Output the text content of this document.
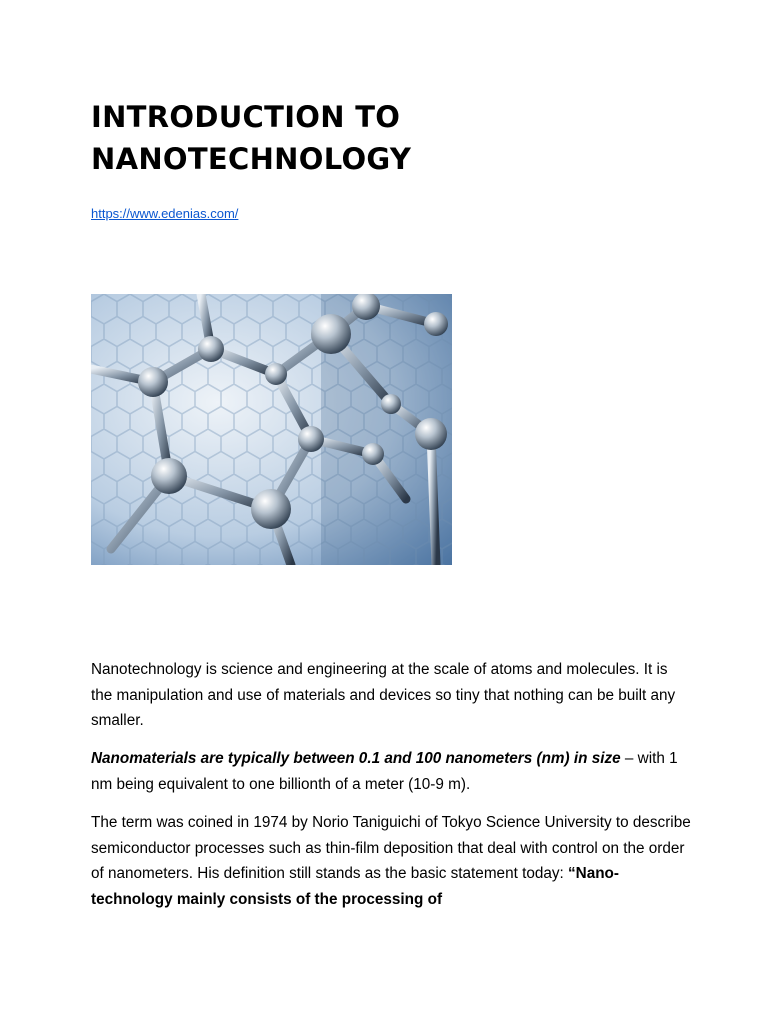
INTRODUCTION TO
NANOTECHNOLOGY
https://www.edenias.com/

Nanotechnology is science and engineering at the scale of atoms and molecules. It is the manipulation and use of materials and devices so tiny that nothing can be built any smaller.

Nanomaterials are typically between 0.1 and 100 nanometers (nm) in size – with 1 nm being equivalent to one billionth of a meter (10-9 m).

The term was coined in 1974 by Norio Taniguichi of Tokyo Science University to describe semiconductor processes such as thin-film deposition that deal with control on the order of nanometers. His definition still stands as the basic statement today: “Nano-technology mainly consists of the processing of
